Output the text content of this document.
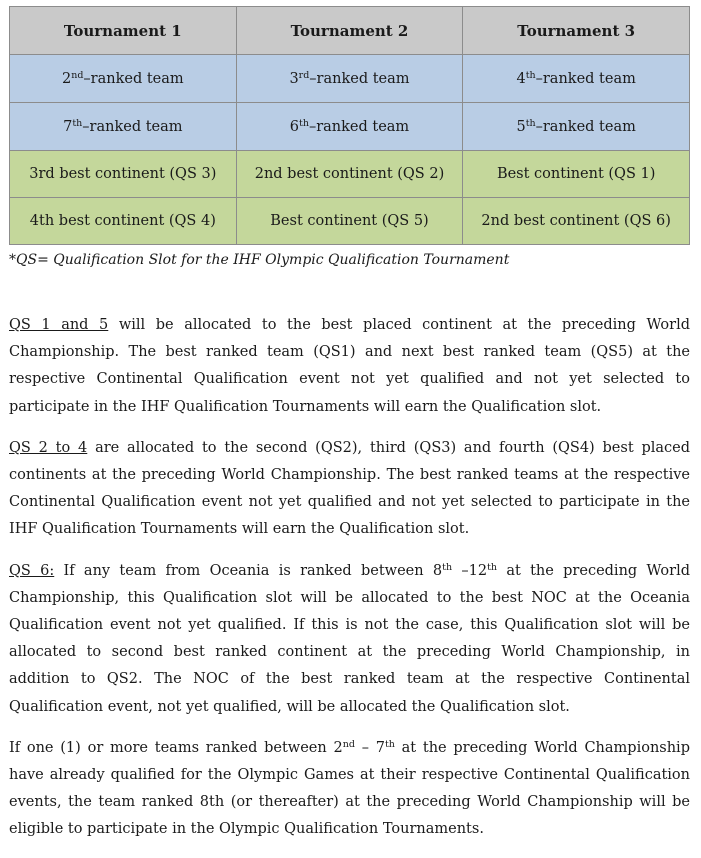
Tournament 1	Tournament 2	Tournament 3
2nd–ranked team	3rd–ranked team	4th–ranked team
7th–ranked team	6th–ranked team	5th–ranked team
3rd best continent (QS 3)	2nd best continent (QS 2)	Best continent (QS 1)
4th best continent (QS 4)	Best continent (QS 5)	2nd best continent (QS 6)
*QS= Qualification Slot for the IHF Olympic Qualification Tournament

QS 1 and 5 will be allocated to the best placed continent at the preceding World Championship. The best ranked team (QS1) and next best ranked team (QS5) at the respective Continental Qualification event not yet qualified and not yet selected to participate in the IHF Qualification Tournaments will earn the Qualification slot.

QS 2 to 4 are allocated to the second (QS2), third (QS3) and fourth (QS4) best placed continents at the preceding World Championship. The best ranked teams at the respective Continental Qualification event not yet qualified and not yet selected to participate in the IHF Qualification Tournaments will earn the Qualification slot.

QS 6: If any team from Oceania is ranked between 8th –12th at the preceding World Championship, this Qualification slot will be allocated to the best NOC at the Oceania Qualification event not yet qualified. If this is not the case, this Qualification slot will be allocated to second best ranked continent at the preceding World Championship, in addition to QS2. The NOC of the best ranked team at the respective Continental Qualification event, not yet qualified, will be allocated the Qualification slot.

If one (1) or more teams ranked between 2nd – 7th at the preceding World Championship have already qualified for the Olympic Games at their respective Continental Qualification events, the team ranked 8th (or thereafter) at the preceding World Championship will be eligible to participate in the Olympic Qualification Tournaments.
